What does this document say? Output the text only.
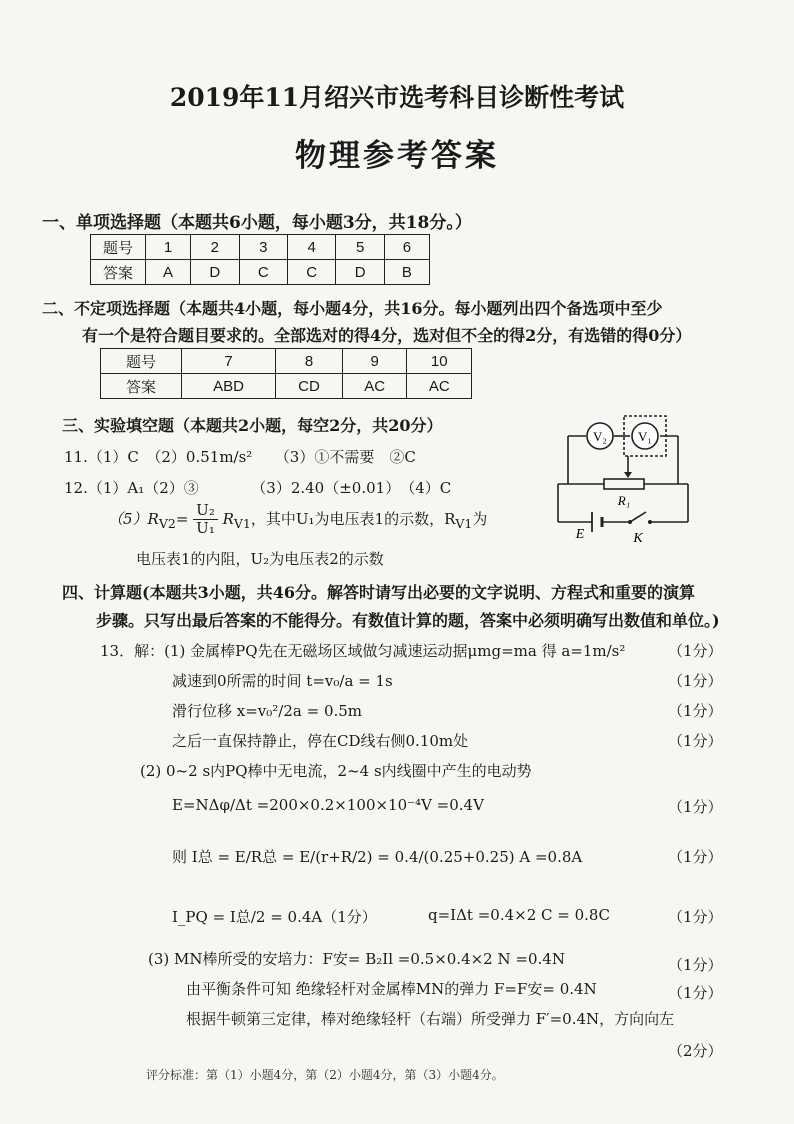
2019年11月绍兴市选考科目诊断性考试
物理参考答案
一、单项选择题（本题共6小题，每小题3分，共18分。）
题号	1	2	3	4	5	6
答案	A	D	C	C	D	B
二、不定项选择题（本题共4小题，每小题4分，共16分。每小题列出四个备选项中至少
有一个是符合题目要求的。全部选对的得4分，选对但不全的得2分，有选错的得0分）
题号	7	8	9	10
答案	ABD	CD	AC	AC
三、实验填空题（本题共2小题，每空2分，共20分）
11.（1）C　（2）0.51m/s²　　（3）①不需要　②C
12.（1）A₁（2）③　　　　（3）2.40（±0.01）　（4）C
$(5)R_{V2}= \frac{\text{U₂}}{\text{U₁}} R_{V1}$，其中U₁为电压表1的示数，$R_{V1}$为
电压表1的内阻，U₂为电压表2的示数
V₂ V₁
R₁
E	K
四、计算题(本题共3小题，共46分。解答时请写出必要的文字说明、方程式和重要的演算
步骤。只写出最后答案的不能得分。有数值计算的题，答案中必须明确写出数值和单位。)
13．解：(1) 金属棒PQ先在无磁场区域做匀减速运动据μmg=ma 得 a=1m/s²	（1分）
减速到0所需的时间 t=v₀/a = 1s	（1分）
滑行位移 x=v₀²/2a = 0.5m	（1分）
之后一直保持静止，停在CD线右侧0.10m处	（1分）
(2) 0~2 s内PQ棒中无电流，2~4 s内线圈中产生的电动势
E=NΔφ/Δt =200×0.2×100×10⁻⁴V =0.4V	（1分）
则 I总 = E/R总 = E/(r+R/2) = 0.4/(0.25+0.25) A =0.8A	（1分）
I_PQ = I总/2 = 0.4A（1分）	q=IΔt =0.4×2 C = 0.8C	（1分）
(3) MN棒所受的安培力：F安= B₂Il =0.5×0.4×2 N =0.4N	（1分）
由平衡条件可知 绝缘轻杆对金属棒MN的弹力 F=F安= 0.4N	（1分）
根据牛顿第三定律，棒对绝缘轻杆（右端）所受弹力 F′=0.4N，方向向左
（2分）
评分标准：第（1）小题4分，第（2）小题4分，第（3）小题4分。
